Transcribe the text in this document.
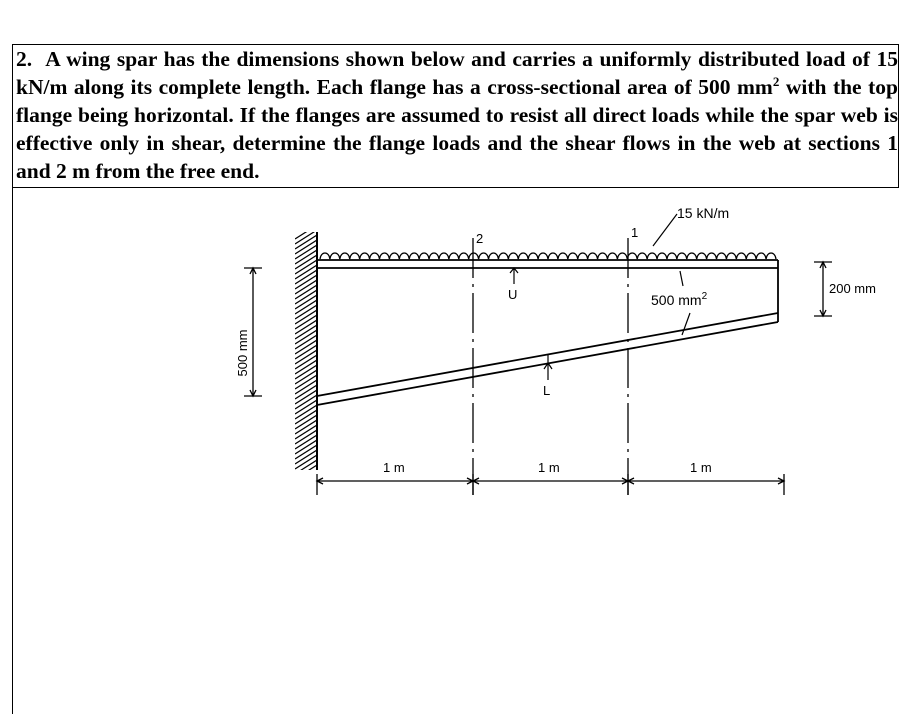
2. A wing spar has the dimensions shown below and carries a uniformly distributed load of 15 kN/m along its complete length. Each flange has a cross-sectional area of 500 $mm^2$ with the top flange being horizontal. If the flanges are assumed to resist all direct loads while the spar web is effective only in shear, determine the flange loads and the shear flows in the web at sections 1 and 2 m from the free end.

2	1
15 kN/m
U
L
500 $mm^2$
500 mm
200 mm
1 m	1 m	1 m
